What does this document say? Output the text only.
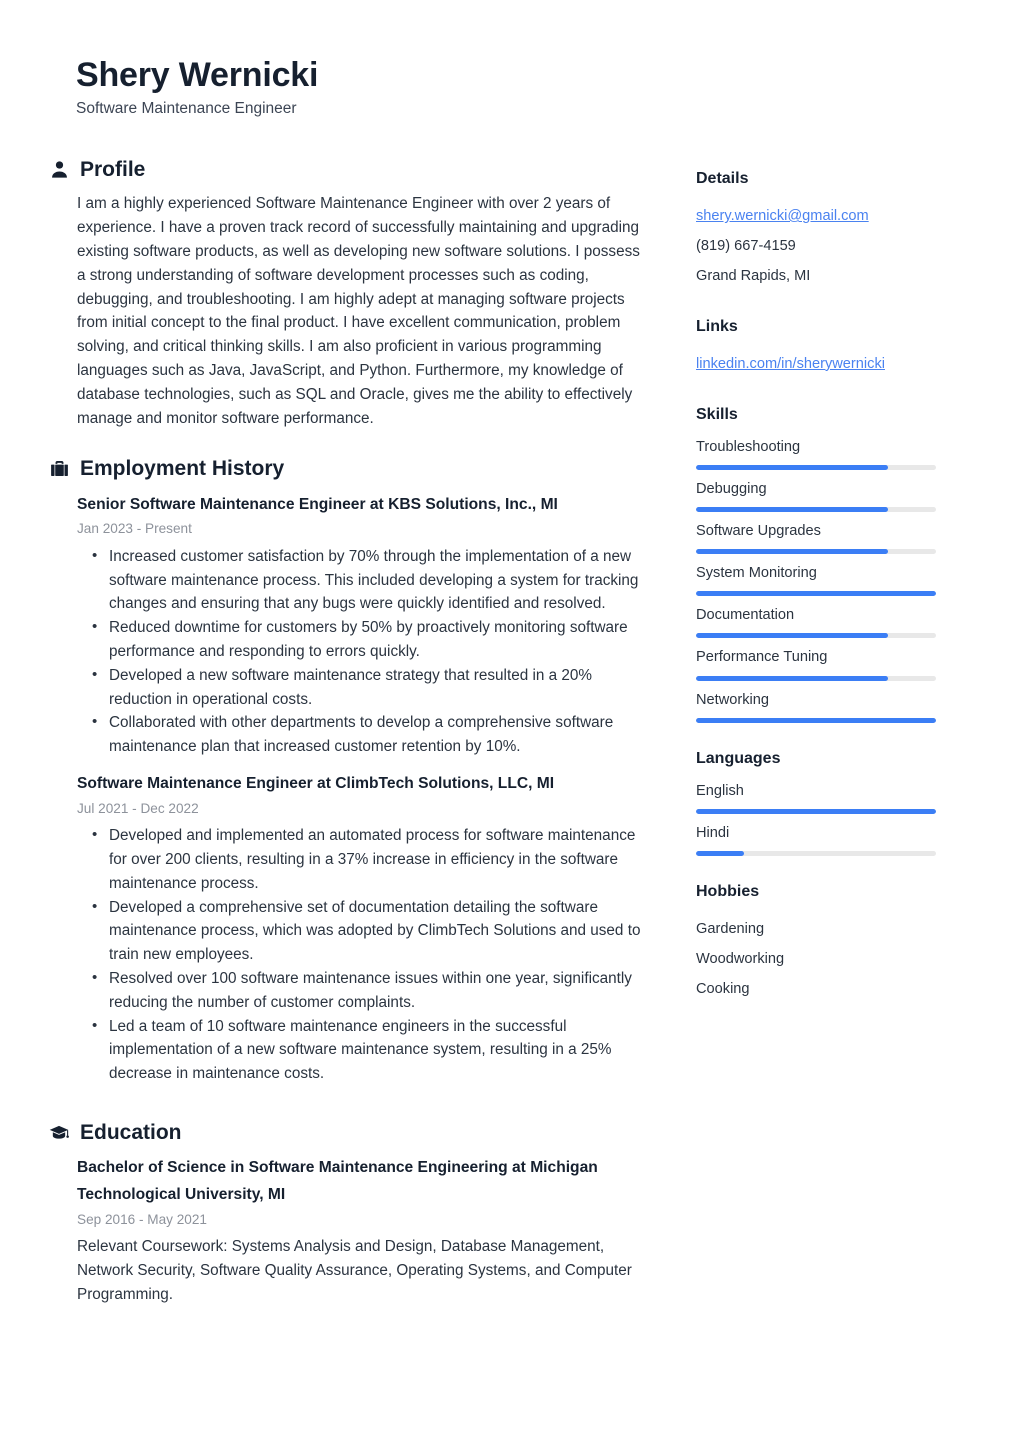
Shery Wernicki
Software Maintenance Engineer
Profile
I am a highly experienced Software Maintenance Engineer with over 2 years of experience. I have a proven track record of successfully maintaining and upgrading existing software products, as well as developing new software solutions. I possess a strong understanding of software development processes such as coding, debugging, and troubleshooting. I am highly adept at managing software projects from initial concept to the final product. I have excellent communication, problem solving, and critical thinking skills. I am also proficient in various programming languages such as Java, JavaScript, and Python. Furthermore, my knowledge of database technologies, such as SQL and Oracle, gives me the ability to effectively manage and monitor software performance.
Employment History
Senior Software Maintenance Engineer at KBS Solutions, Inc., MI
Jan 2023 - Present
• Increased customer satisfaction by 70% through the implementation of a new software maintenance process. This included developing a system for tracking changes and ensuring that any bugs were quickly identified and resolved.
• Reduced downtime for customers by 50% by proactively monitoring software performance and responding to errors quickly.
• Developed a new software maintenance strategy that resulted in a 20% reduction in operational costs.
• Collaborated with other departments to develop a comprehensive software maintenance plan that increased customer retention by 10%.
Software Maintenance Engineer at ClimbTech Solutions, LLC, MI
Jul 2021 - Dec 2022
• Developed and implemented an automated process for software maintenance for over 200 clients, resulting in a 37% increase in efficiency in the software maintenance process.
• Developed a comprehensive set of documentation detailing the software maintenance process, which was adopted by ClimbTech Solutions and used to train new employees.
• Resolved over 100 software maintenance issues within one year, significantly reducing the number of customer complaints.
• Led a team of 10 software maintenance engineers in the successful implementation of a new software maintenance system, resulting in a 25% decrease in maintenance costs.
Education
Bachelor of Science in Software Maintenance Engineering at Michigan Technological University, MI
Sep 2016 - May 2021
Relevant Coursework: Systems Analysis and Design, Database Management, Network Security, Software Quality Assurance, Operating Systems, and Computer Programming.
Details
shery.wernicki@gmail.com
(819) 667-4159
Grand Rapids, MI
Links
linkedin.com/in/sherywernicki
Skills
Troubleshooting
Debugging
Software Upgrades
System Monitoring
Documentation
Performance Tuning
Networking
Languages
English
Hindi
Hobbies
Gardening
Woodworking
Cooking
